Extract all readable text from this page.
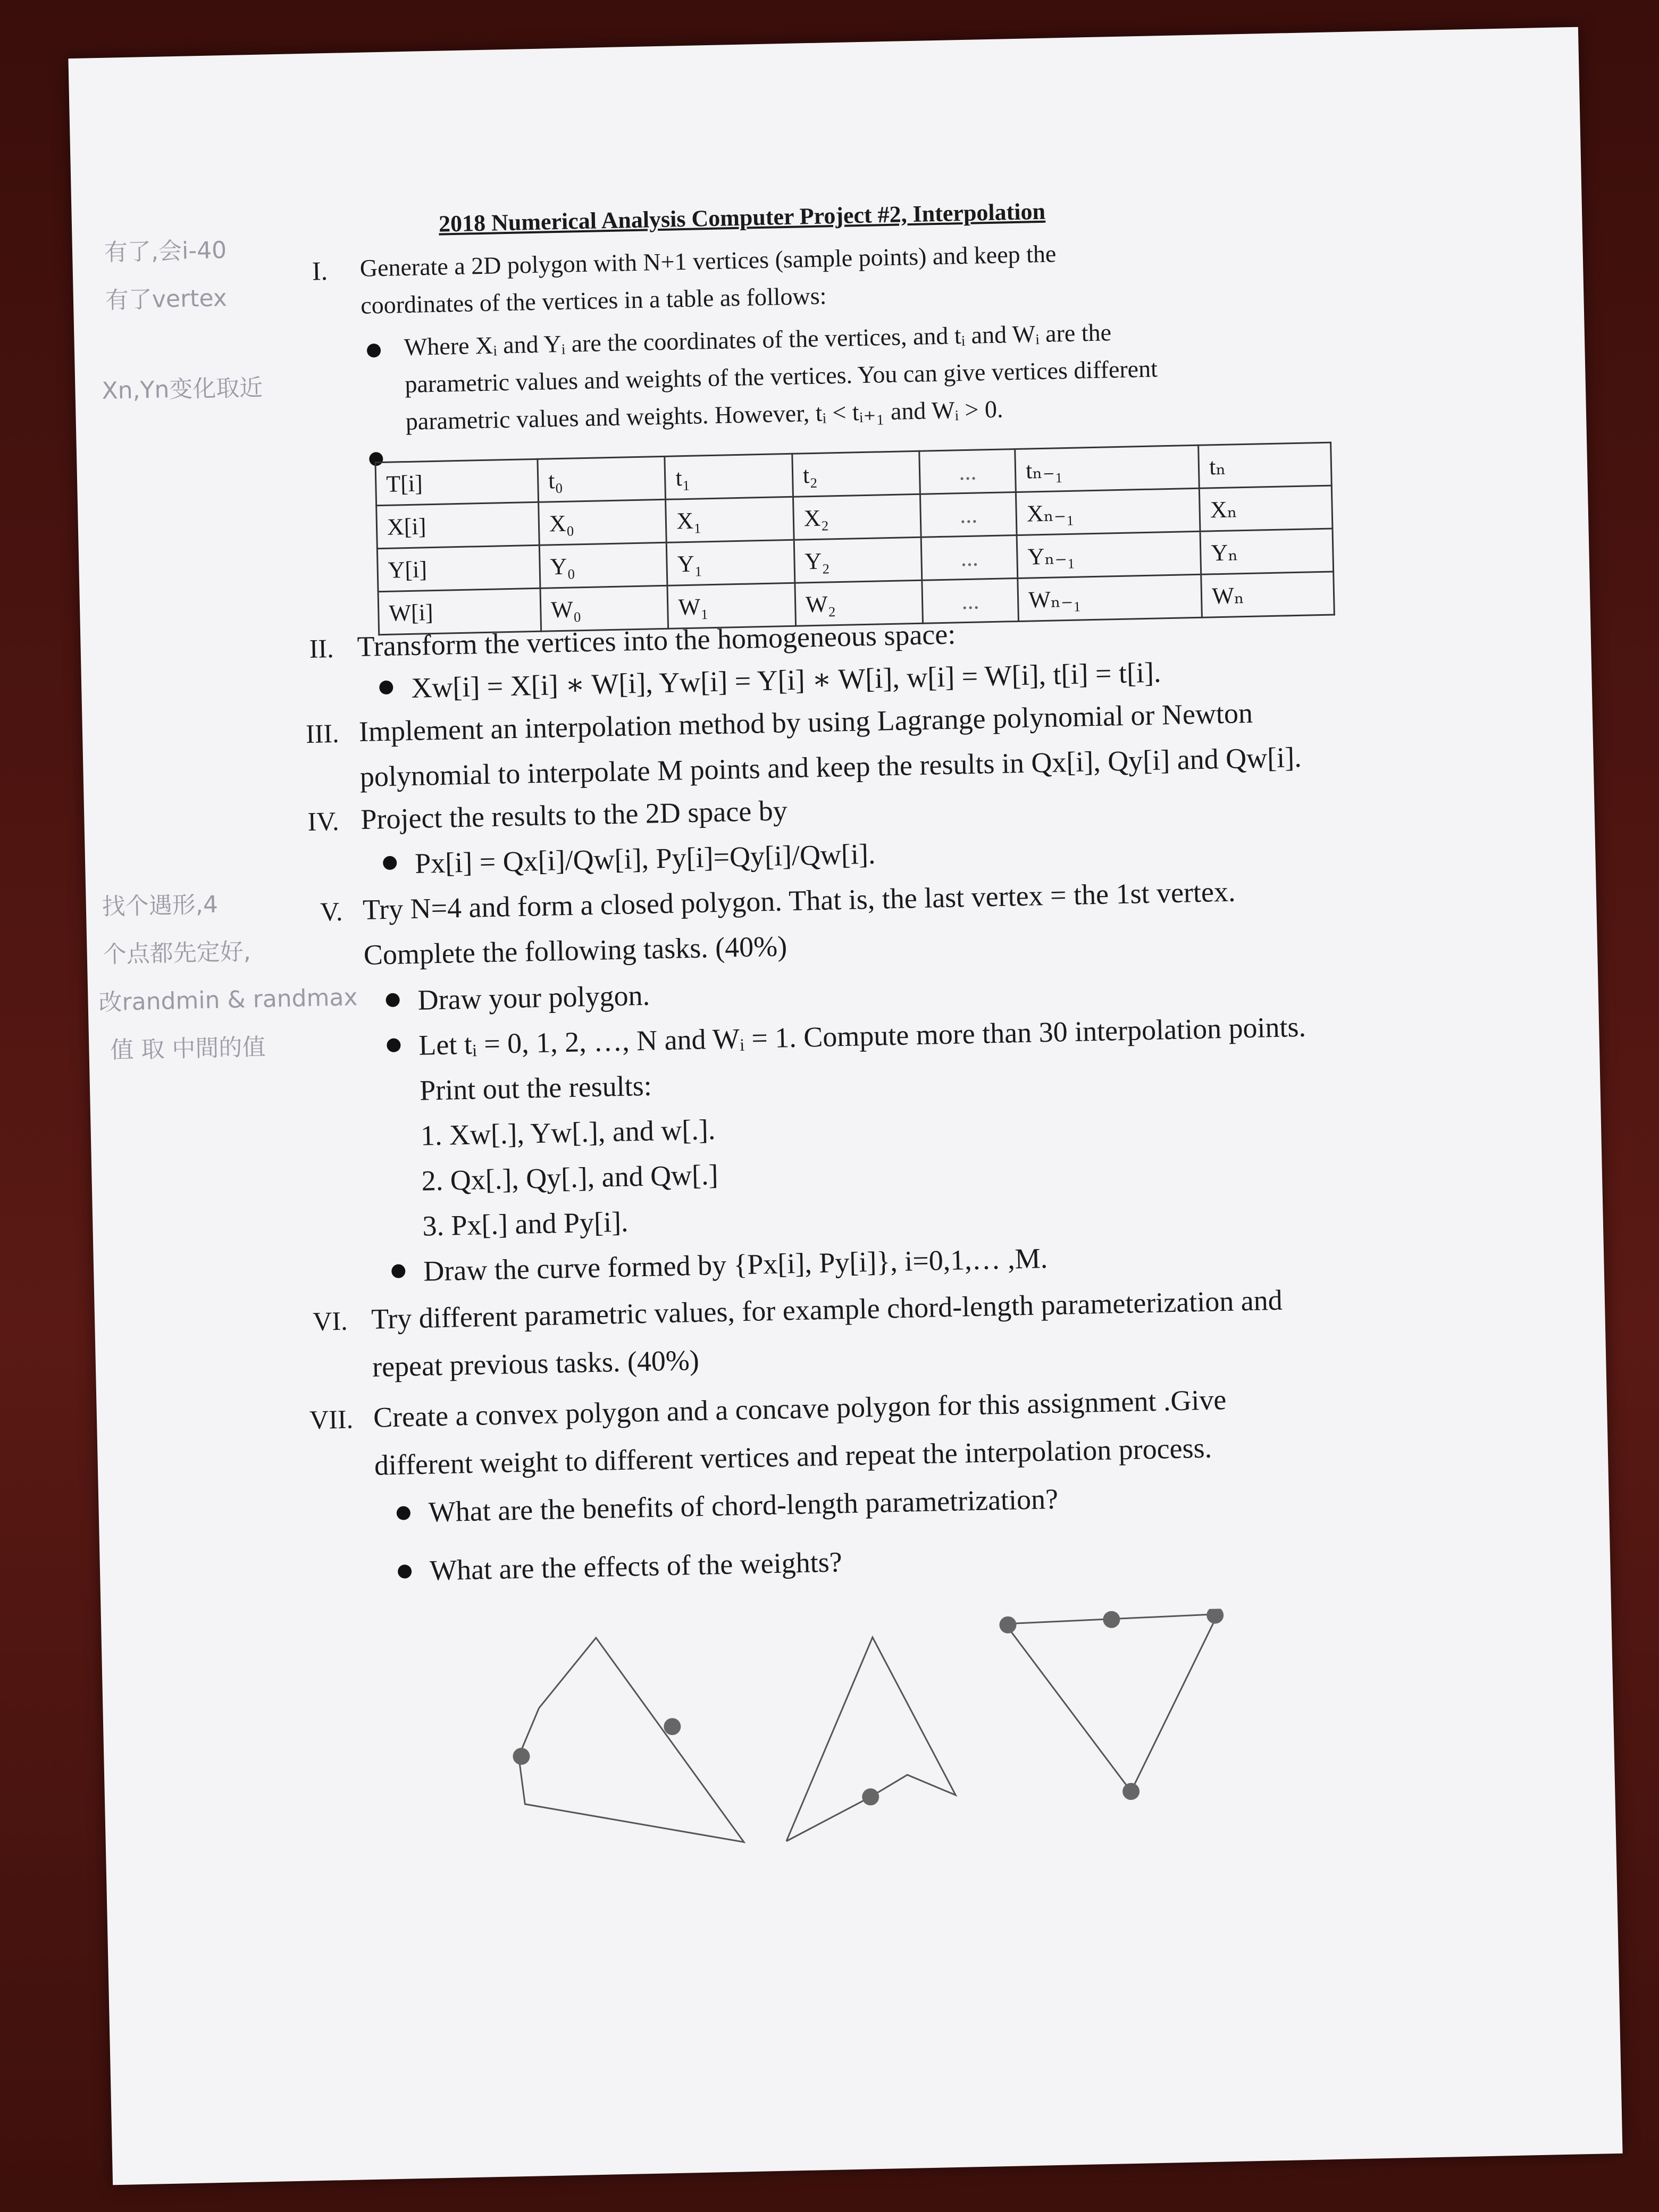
2018 Numerical Analysis Computer Project #2, Interpolation
有了,会i-40
有了vertex
Xn,Yn变化取近
找个遇形,4
个点都先定好,
改randmin & randmax
值 取 中間的值
I. Generate a 2D polygon with N+1 vertices (sample points) and keep the
coordinates of the vertices in a table as follows:
Where Xᵢ and Yᵢ are the coordinates of the vertices, and tᵢ and Wᵢ are the
parametric values and weights of the vertices. You can give vertices different
parametric values and weights. However, tᵢ < tᵢ₊₁ and Wᵢ > 0.
T[i]	t₀	t₁	t₂	...	tₙ₋₁	tₙ
X[i]	X₀	X₁	X₂	...	Xₙ₋₁	Xₙ
Y[i]	Y₀	Y₁	Y₂	...	Yₙ₋₁	Yₙ
W[i]	W₀	W₁	W₂	...	Wₙ₋₁	Wₙ
II. Transform the vertices into the homogeneous space:
Xw[i] = X[i] ∗ W[i], Yw[i] = Y[i] ∗ W[i], w[i] = W[i], t[i] = t[i].
III. Implement an interpolation method by using Lagrange polynomial or Newton
polynomial to interpolate M points and keep the results in Qx[i], Qy[i] and Qw[i].
IV. Project the results to the 2D space by
Px[i] = Qx[i]/Qw[i], Py[i]=Qy[i]/Qw[i].
V. Try N=4 and form a closed polygon. That is, the last vertex = the 1st vertex.
Complete the following tasks. (40%)
Draw your polygon.
Let tᵢ = 0, 1, 2, …, N and Wᵢ = 1. Compute more than 30 interpolation points.
Print out the results:
1. Xw[.], Yw[.], and w[.].
2. Qx[.], Qy[.], and Qw[.]
3. Px[.] and Py[i].
Draw the curve formed by {Px[i], Py[i]}, i=0,1,… ,M.
VI. Try different parametric values, for example chord-length parameterization and
repeat previous tasks. (40%)
VII. Create a convex polygon and a concave polygon for this assignment .Give
different weight to different vertices and repeat the interpolation process.
What are the benefits of chord-length parametrization?
What are the effects of the weights?
